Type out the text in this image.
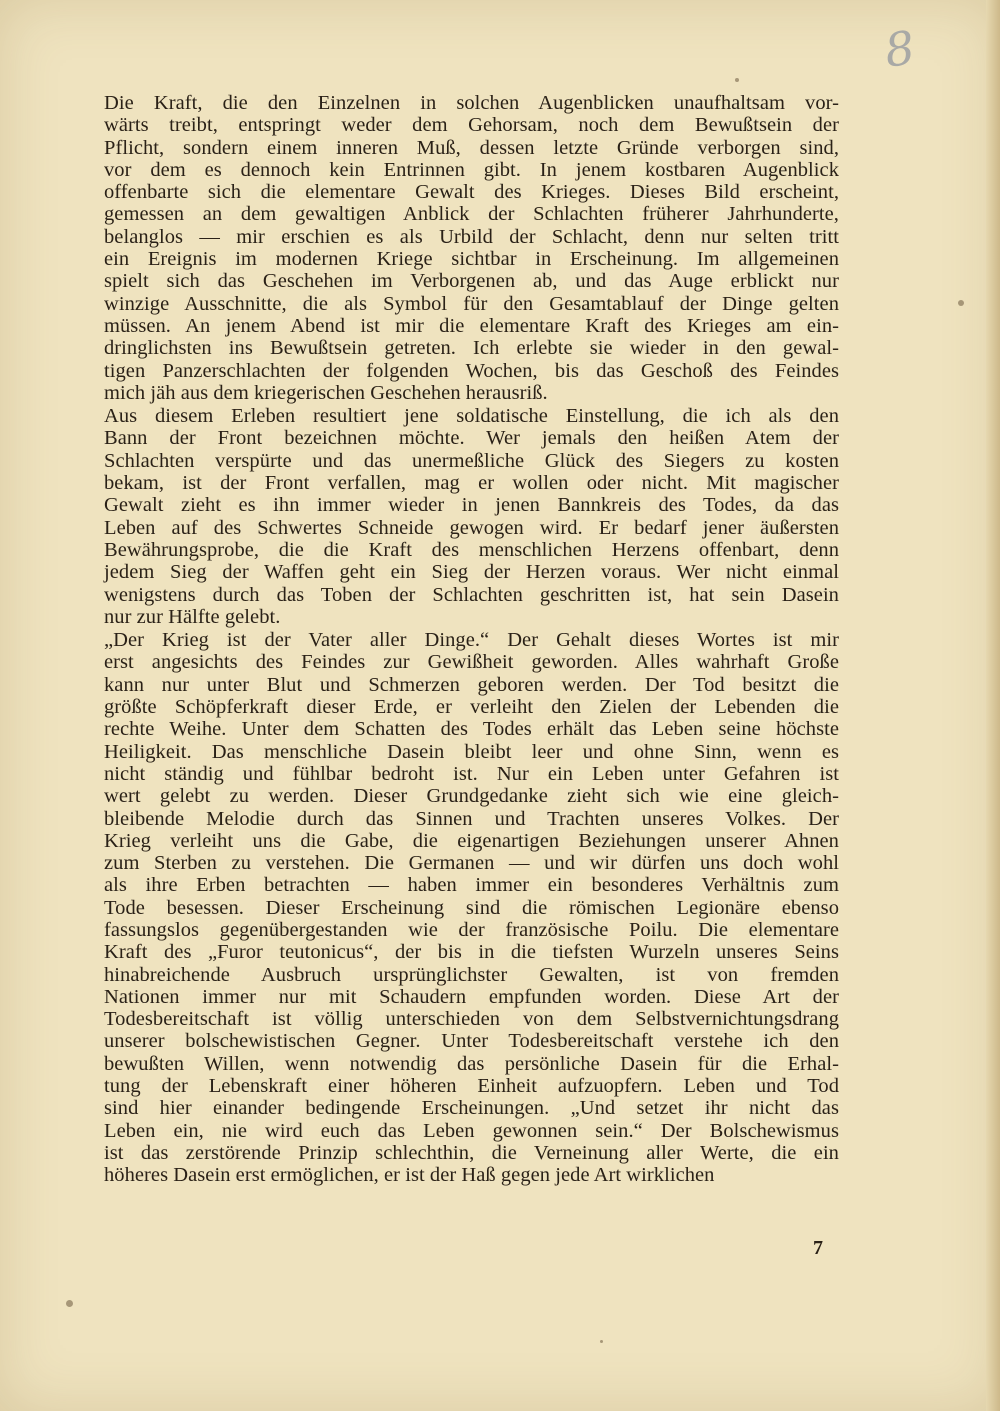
8
Die Kraft, die den Einzelnen in solchen Augenblicken unaufhaltsam vor-
wärts treibt, entspringt weder dem Gehorsam, noch dem Bewußtsein der
Pflicht, sondern einem inneren Muß, dessen letzte Gründe verborgen sind,
vor dem es dennoch kein Entrinnen gibt. In jenem kostbaren Augenblick
offenbarte sich die elementare Gewalt des Krieges. Dieses Bild erscheint,
gemessen an dem gewaltigen Anblick der Schlachten früherer Jahrhunderte,
belanglos — mir erschien es als Urbild der Schlacht, denn nur selten tritt
ein Ereignis im modernen Kriege sichtbar in Erscheinung. Im allgemeinen
spielt sich das Geschehen im Verborgenen ab, und das Auge erblickt nur
winzige Ausschnitte, die als Symbol für den Gesamtablauf der Dinge gelten
müssen. An jenem Abend ist mir die elementare Kraft des Krieges am ein-
dringlichsten ins Bewußtsein getreten. Ich erlebte sie wieder in den gewal-
tigen Panzerschlachten der folgenden Wochen, bis das Geschoß des Feindes
mich jäh aus dem kriegerischen Geschehen herausriß.
Aus diesem Erleben resultiert jene soldatische Einstellung, die ich als den
Bann der Front bezeichnen möchte. Wer jemals den heißen Atem der
Schlachten verspürte und das unermeßliche Glück des Siegers zu kosten
bekam, ist der Front verfallen, mag er wollen oder nicht. Mit magischer
Gewalt zieht es ihn immer wieder in jenen Bannkreis des Todes, da das
Leben auf des Schwertes Schneide gewogen wird. Er bedarf jener äußersten
Bewährungsprobe, die die Kraft des menschlichen Herzens offenbart, denn
jedem Sieg der Waffen geht ein Sieg der Herzen voraus. Wer nicht einmal
wenigstens durch das Toben der Schlachten geschritten ist, hat sein Dasein
nur zur Hälfte gelebt.
„Der Krieg ist der Vater aller Dinge.“ Der Gehalt dieses Wortes ist mir
erst angesichts des Feindes zur Gewißheit geworden. Alles wahrhaft Große
kann nur unter Blut und Schmerzen geboren werden. Der Tod besitzt die
größte Schöpferkraft dieser Erde, er verleiht den Zielen der Lebenden die
rechte Weihe. Unter dem Schatten des Todes erhält das Leben seine höchste
Heiligkeit. Das menschliche Dasein bleibt leer und ohne Sinn, wenn es
nicht ständig und fühlbar bedroht ist. Nur ein Leben unter Gefahren ist
wert gelebt zu werden. Dieser Grundgedanke zieht sich wie eine gleich-
bleibende Melodie durch das Sinnen und Trachten unseres Volkes. Der
Krieg verleiht uns die Gabe, die eigenartigen Beziehungen unserer Ahnen
zum Sterben zu verstehen. Die Germanen — und wir dürfen uns doch wohl
als ihre Erben betrachten — haben immer ein besonderes Verhältnis zum
Tode besessen. Dieser Erscheinung sind die römischen Legionäre ebenso
fassungslos gegenübergestanden wie der französische Poilu. Die elementare
Kraft des „Furor teutonicus“, der bis in die tiefsten Wurzeln unseres Seins
hinabreichende Ausbruch ursprünglichster Gewalten, ist von fremden
Nationen immer nur mit Schaudern empfunden worden. Diese Art der
Todesbereitschaft ist völlig unterschieden von dem Selbstvernichtungsdrang
unserer bolschewistischen Gegner. Unter Todesbereitschaft verstehe ich den
bewußten Willen, wenn notwendig das persönliche Dasein für die Erhal-
tung der Lebenskraft einer höheren Einheit aufzuopfern. Leben und Tod
sind hier einander bedingende Erscheinungen. „Und setzet ihr nicht das
Leben ein, nie wird euch das Leben gewonnen sein.“ Der Bolschewismus
ist das zerstörende Prinzip schlechthin, die Verneinung aller Werte, die ein
höheres Dasein erst ermöglichen, er ist der Haß gegen jede Art wirklichen
7
